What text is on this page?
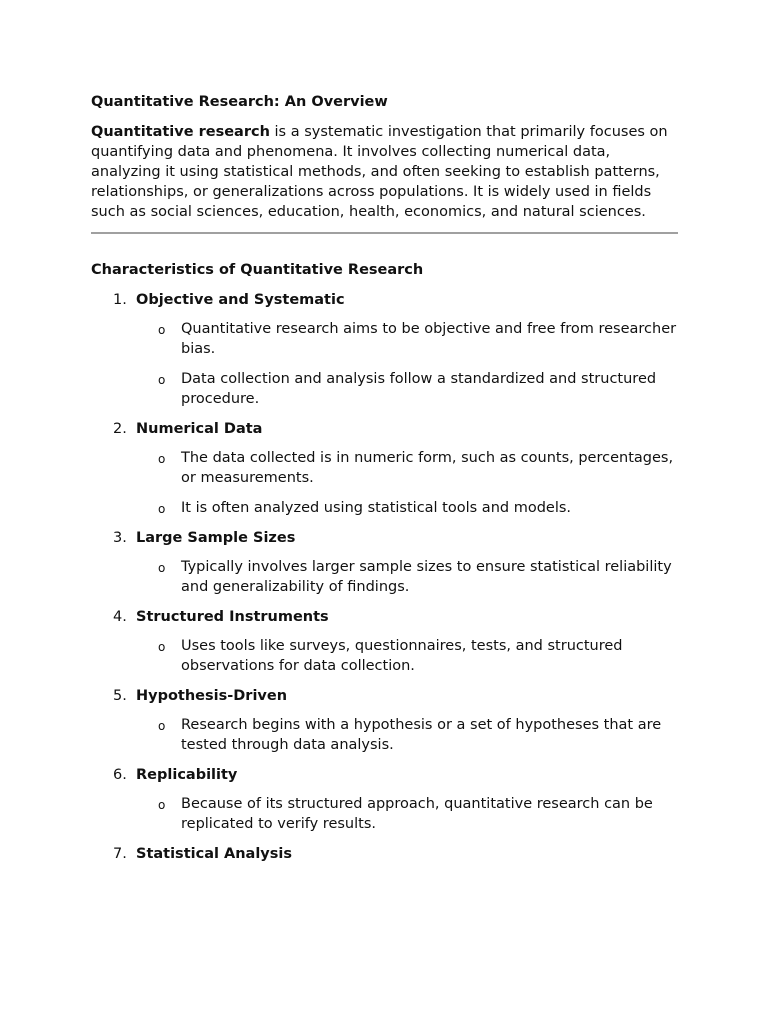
Quantitative Research: An Overview

Quantitative research is a systematic investigation that primarily focuses on quantifying data and phenomena. It involves collecting numerical data, analyzing it using statistical methods, and often seeking to establish patterns, relationships, or generalizations across populations. It is widely used in fields such as social sciences, education, health, economics, and natural sciences.

Characteristics of Quantitative Research

1. Objective and Systematic
o Quantitative research aims to be objective and free from researcher bias.
o Data collection and analysis follow a standardized and structured procedure.
2. Numerical Data
o The data collected is in numeric form, such as counts, percentages, or measurements.
o It is often analyzed using statistical tools and models.
3. Large Sample Sizes
o Typically involves larger sample sizes to ensure statistical reliability and generalizability of findings.
4. Structured Instruments
o Uses tools like surveys, questionnaires, tests, and structured observations for data collection.
5. Hypothesis-Driven
o Research begins with a hypothesis or a set of hypotheses that are tested through data analysis.
6. Replicability
o Because of its structured approach, quantitative research can be replicated to verify results.
7. Statistical Analysis
